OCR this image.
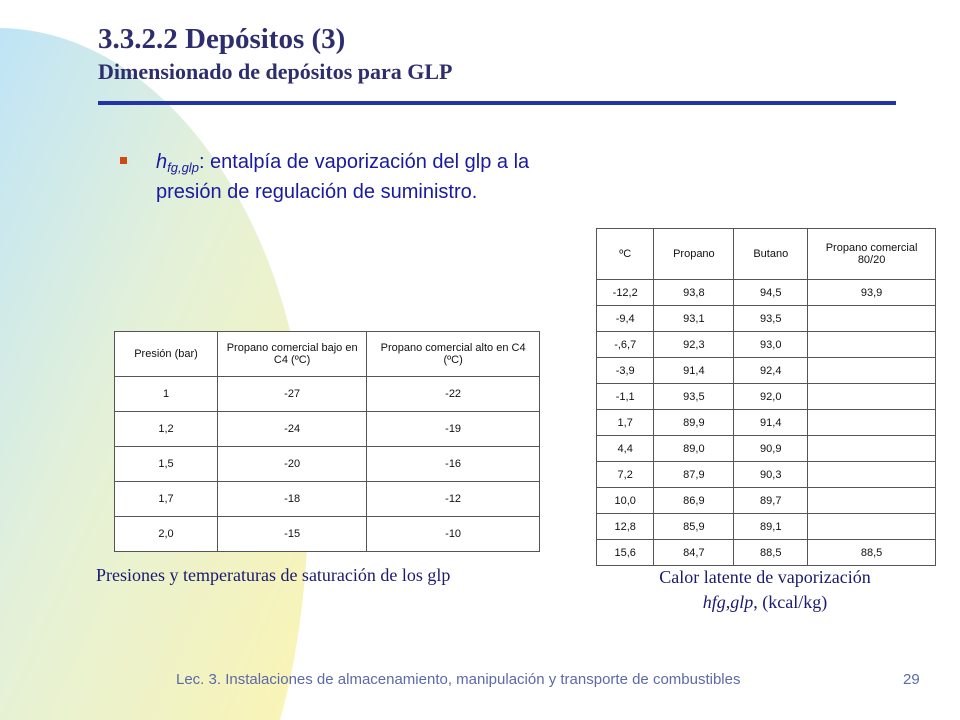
3.3.2.2 Depósitos (3)
Dimensionado de depósitos para GLP
$h_{fg,glp}$: entalpía de vaporización del glp a la presión de regulación de suministro.
Presión (bar)	Propano comercial bajo en C4 (ºC)	Propano comercial alto en C4 (ºC)
1	-27	-22
1,2	-24	-19
1,5	-20	-16
1,7	-18	-12
2,0	-15	-10
ºC	Propano	Butano	Propano comercial 80/20
-12,2	93,8	94,5	93,9
-9,4	93,1	93,5	
-,6,7	92,3	93,0	
-3,9	91,4	92,4	
-1,1	93,5	92,0	
1,7	89,9	91,4	
4,4	89,0	90,9	
7,2	87,9	90,3	
10,0	86,9	89,7	
12,8	85,9	89,1	
15,6	84,7	88,5	88,5
Presiones y temperaturas de saturación de los glp	Calor latente de vaporización
hfg,glp, (kcal/kg)
Lec. 3. Instalaciones de almacenamiento, manipulación y transporte de combustibles	29
